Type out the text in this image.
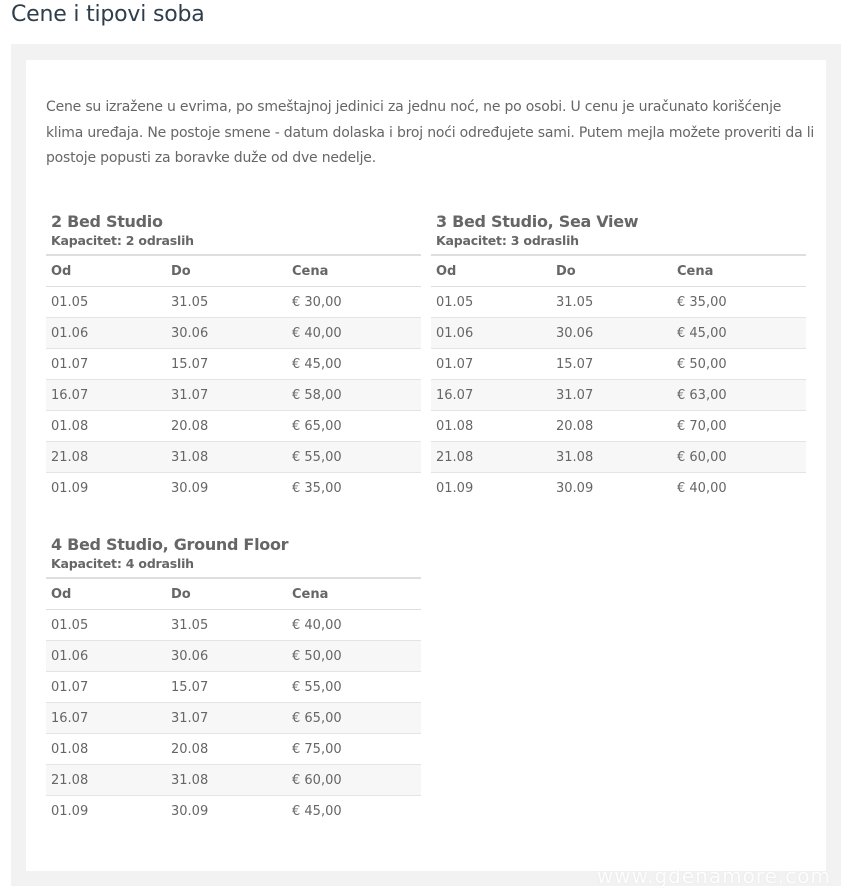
Cene i tipovi soba

Cene su izražene u evrima, po smeštajnoj jedinici za jednu noć, ne po osobi. U cenu je uračunato korišćenje klima uređaja. Ne postoje smene - datum dolaska i broj noći određujete sami. Putem mejla možete proveriti da li postoje popusti za boravke duže od dve nedelje.

2 Bed Studio
Kapacitet: 2 odraslih
Od	Do	Cena
01.05	31.05	€ 30,00
01.06	30.06	€ 40,00
01.07	15.07	€ 45,00
16.07	31.07	€ 58,00
01.08	20.08	€ 65,00
21.08	31.08	€ 55,00
01.09	30.09	€ 35,00
3 Bed Studio, Sea View
Kapacitet: 3 odraslih
Od	Do	Cena
01.05	31.05	€ 35,00
01.06	30.06	€ 45,00
01.07	15.07	€ 50,00
16.07	31.07	€ 63,00
01.08	20.08	€ 70,00
21.08	31.08	€ 60,00
01.09	30.09	€ 40,00
4 Bed Studio, Ground Floor
Kapacitet: 4 odraslih
Od	Do	Cena
01.05	31.05	€ 40,00
01.06	30.06	€ 50,00
01.07	15.07	€ 55,00
16.07	31.07	€ 65,00
01.08	20.08	€ 75,00
21.08	31.08	€ 60,00
01.09	30.09	€ 45,00
www.gdenamore.com
